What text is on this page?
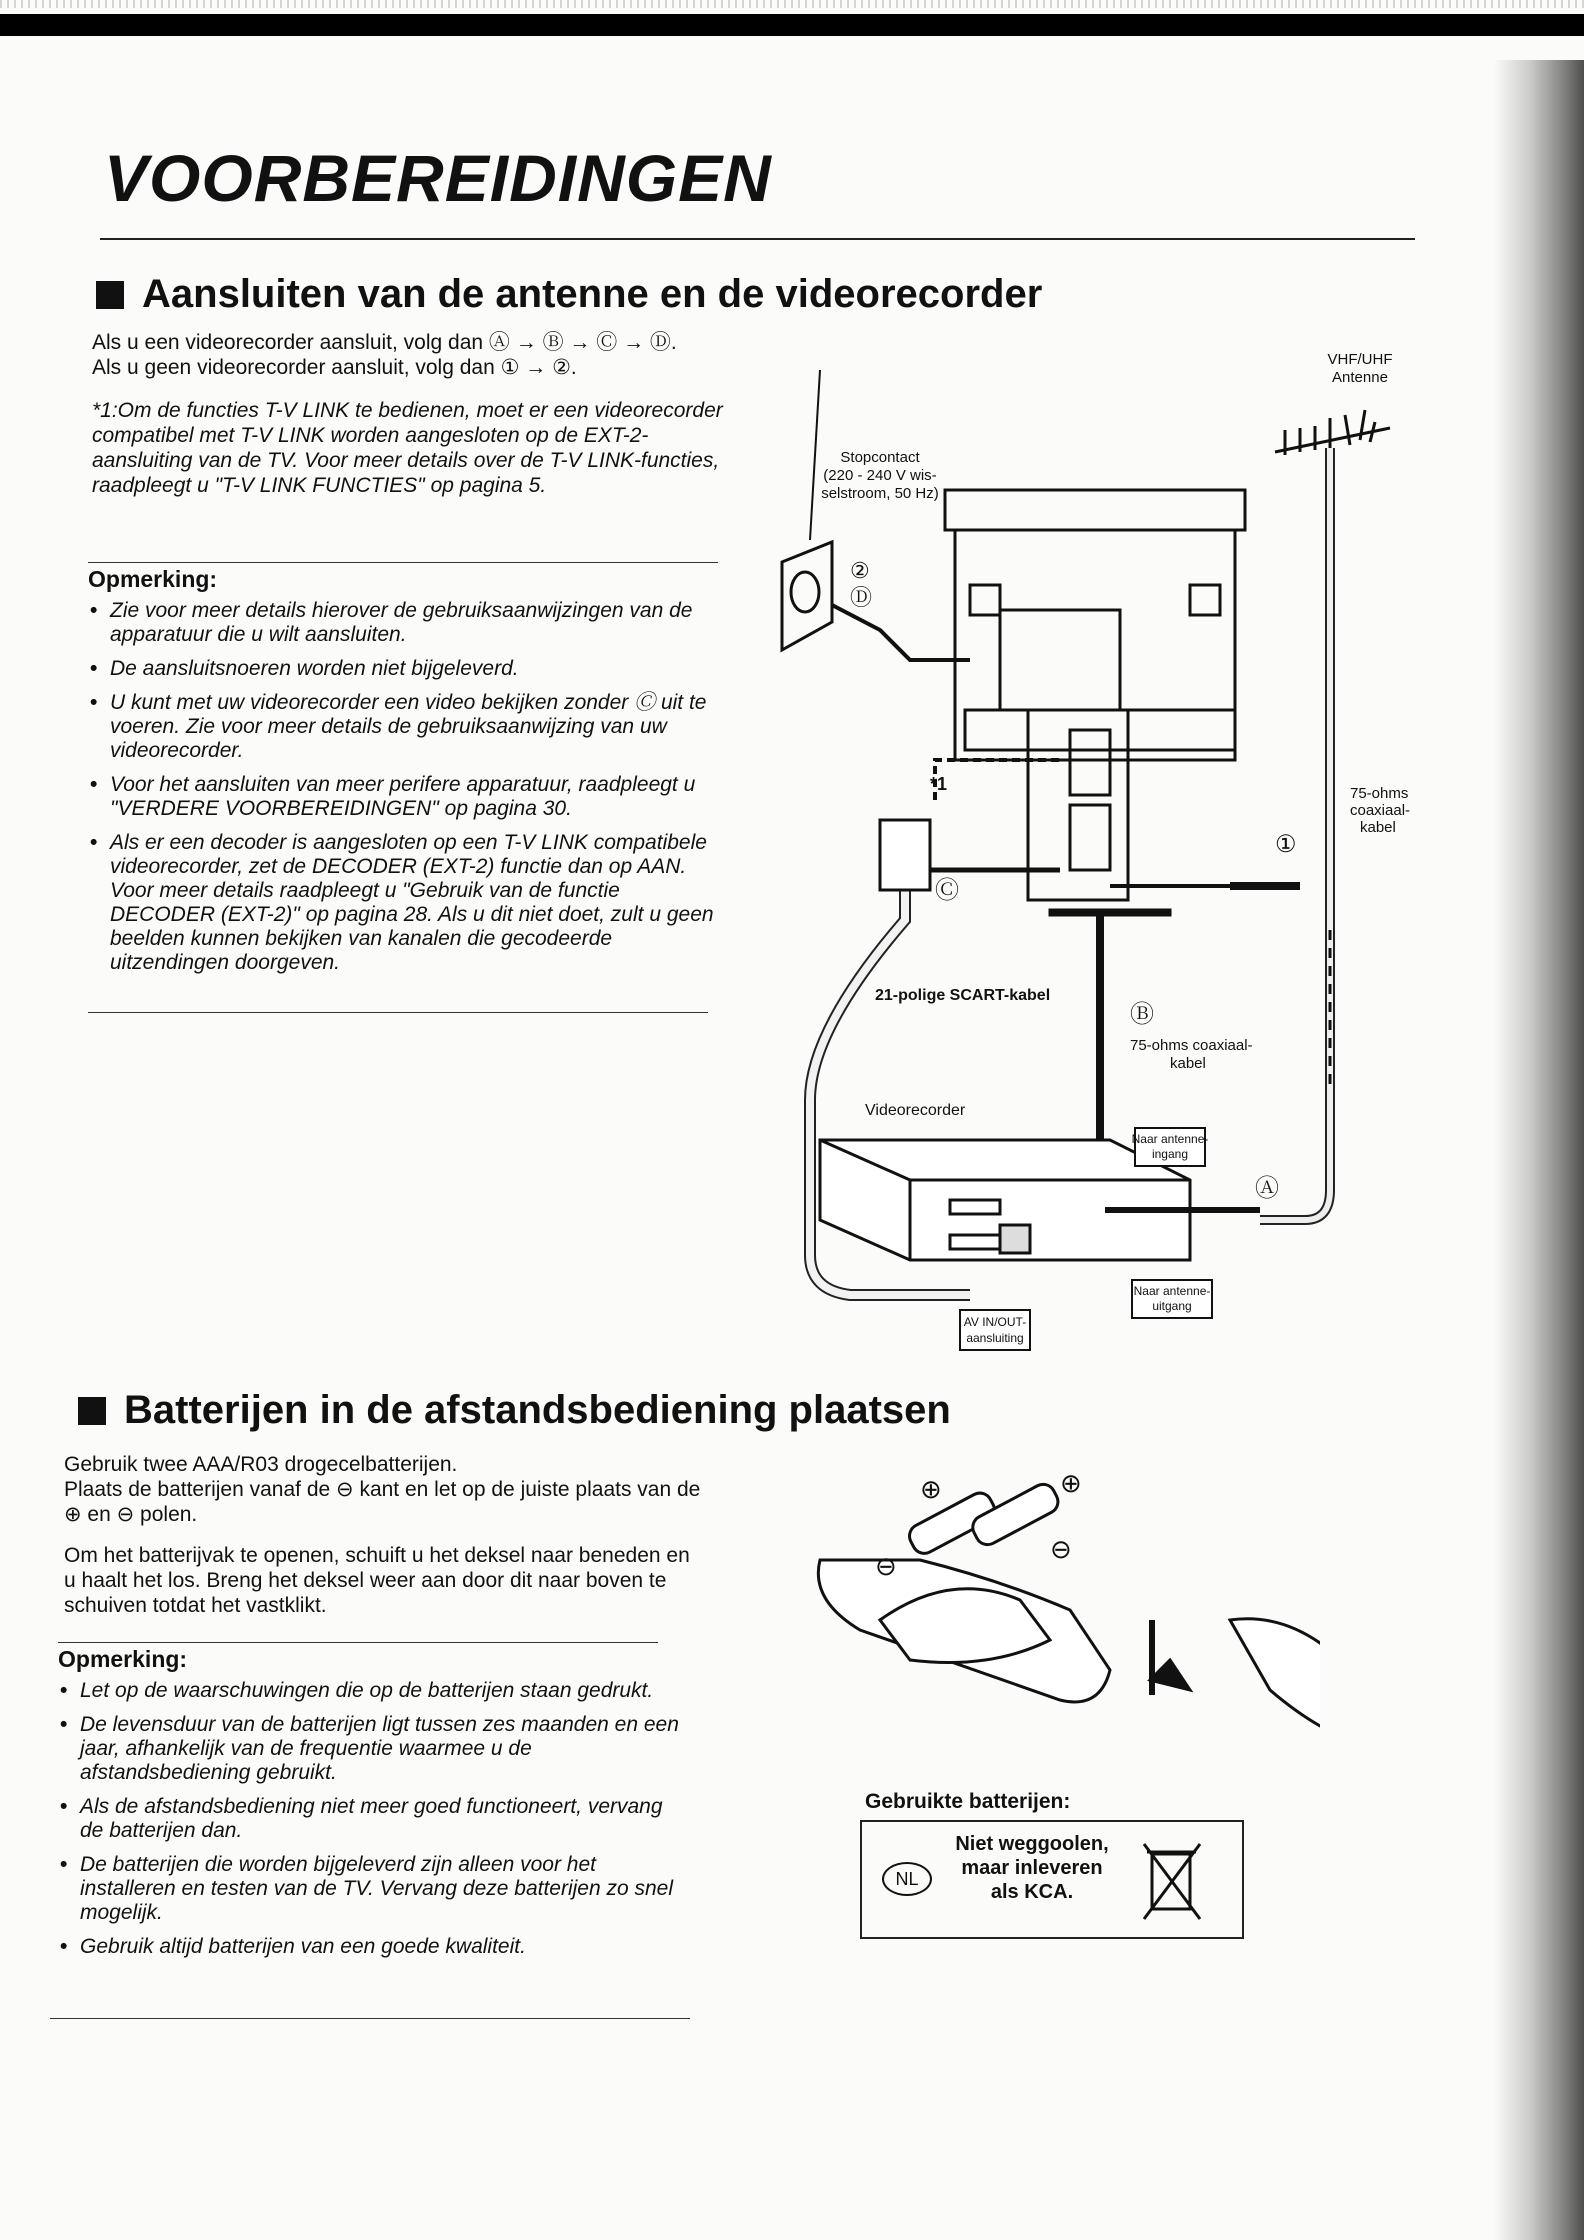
VOORBEREIDINGEN
Aansluiten van de antenne en de videorecorder
Als u een videorecorder aansluit, volg dan Ⓐ → Ⓑ → Ⓒ → Ⓓ.
Als u geen videorecorder aansluit, volg dan ① → ②.
*1:Om de functies T-V LINK te bedienen, moet er een videorecorder compatibel met T-V LINK worden aangesloten op de EXT-2-aansluiting van de TV. Voor meer details over de T-V LINK-functies, raadpleegt u "T-V LINK FUNCTIES" op pagina 5.
Opmerking:
• Zie voor meer details hierover de gebruiksaanwijzingen van de apparatuur die u wilt aansluiten.
• De aansluitsnoeren worden niet bijgeleverd.
• U kunt met uw videorecorder een video bekijken zonder Ⓒ uit te voeren. Zie voor meer details de gebruiksaanwijzing van uw videorecorder.
• Voor het aansluiten van meer perifere apparatuur, raadpleegt u "VERDERE VOORBEREIDINGEN" op pagina 30.
• Als er een decoder is aangesloten op een T-V LINK compatibele videorecorder, zet de DECODER (EXT-2) functie dan op AAN. Voor meer details raadpleegt u "Gebruik van de functie DECODER (EXT-2)" op pagina 28. Als u dit niet doet, zult u geen beelden kunnen bekijken van kanalen die gecodeerde uitzendingen doorgeven.
VHF/UHF
Antenne
Stopcontact
(220 - 240 V wis-
selstroom, 50 Hz)
②
Ⓓ
①
Ⓒ
Ⓑ
Ⓐ
*1	75-ohms
coaxiaal-
kabel
21-polige SCART-kabel
75-ohms coaxiaal-
kabel
Videorecorder
Naar antenne-
ingang
Naar antenne-
uitgang
AV IN/OUT-
aansluiting
Batterijen in de afstandsbediening plaatsen
Gebruik twee AAA/R03 drogecelbatterijen.
Plaats de batterijen vanaf de ⊖ kant en let op de juiste plaats van de ⊕ en ⊖ polen.
Om het batterijvak te openen, schuift u het deksel naar beneden en u haalt het los. Breng het deksel weer aan door dit naar boven te schuiven totdat het vastklikt.
Opmerking:
• Let op de waarschuwingen die op de batterijen staan gedrukt.
• De levensduur van de batterijen ligt tussen zes maanden en een jaar, afhankelijk van de frequentie waarmee u de afstandsbediening gebruikt.
• Als de afstandsbediening niet meer goed functioneert, vervang de batterijen dan.
• De batterijen die worden bijgeleverd zijn alleen voor het installeren en testen van de TV. Vervang deze batterijen zo snel mogelijk.
• Gebruik altijd batterijen van een goede kwaliteit.
⊕
⊖
⊕
⊖
Gebruikte batterijen:
NL
Niet weggoolen,
maar inleveren
als KCA.
